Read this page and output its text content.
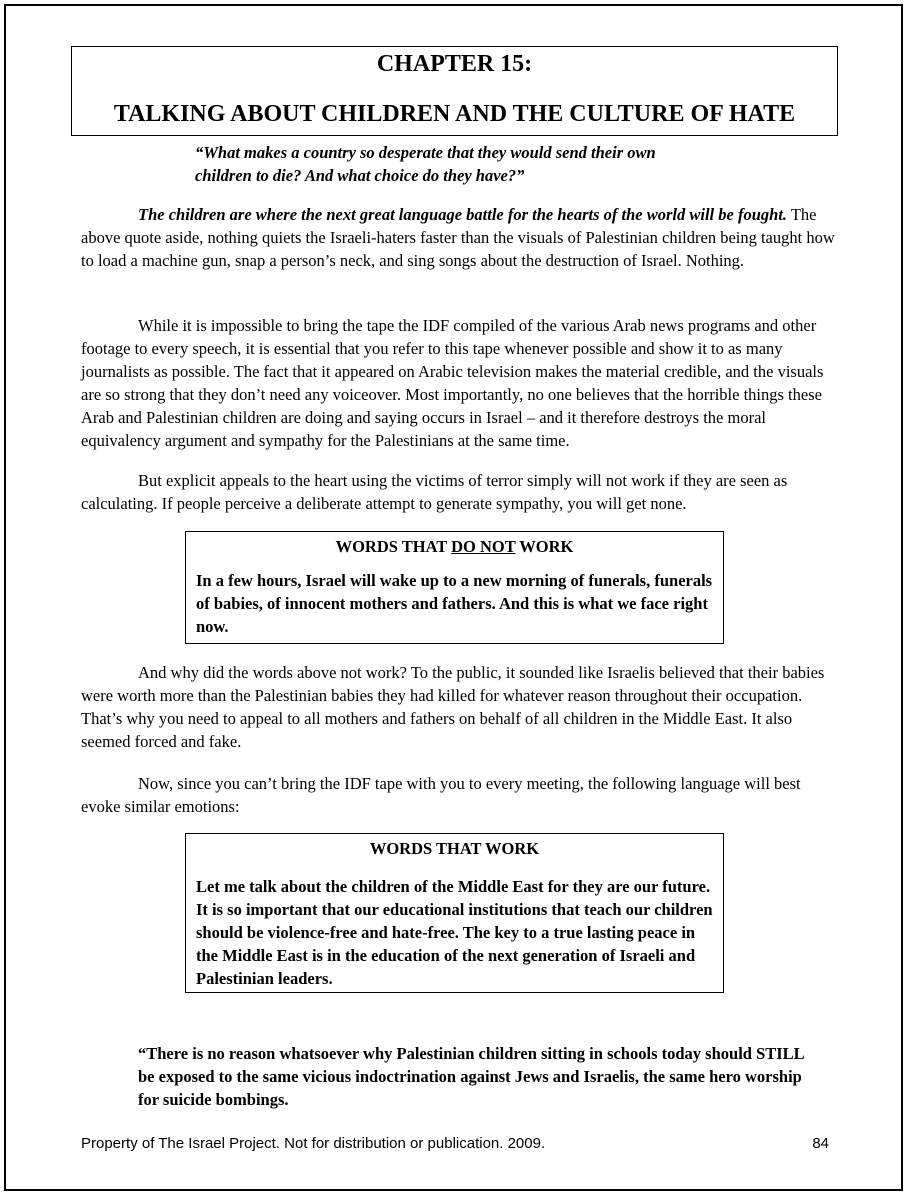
CHAPTER 15:
TALKING ABOUT CHILDREN AND THE CULTURE OF HATE
“What makes a country so desperate that they would send their own
children to die? And what choice do they have?”
The children are where the next great language battle for the hearts of the world will be fought. The above quote aside, nothing quiets the Israeli-haters faster than the visuals of Palestinian children being taught how to load a machine gun, snap a person’s neck, and sing songs about the destruction of Israel. Nothing.
While it is impossible to bring the tape the IDF compiled of the various Arab news programs and other footage to every speech, it is essential that you refer to this tape whenever possible and show it to as many journalists as possible. The fact that it appeared on Arabic television makes the material credible, and the visuals are so strong that they don’t need any voiceover. Most importantly, no one believes that the horrible things these Arab and Palestinian children are doing and saying occurs in Israel – and it therefore destroys the moral equivalency argument and sympathy for the Palestinians at the same time.
But explicit appeals to the heart using the victims of terror simply will not work if they are seen as calculating. If people perceive a deliberate attempt to generate sympathy, you will get none.
WORDS THAT DO NOT WORK
In a few hours, Israel will wake up to a new morning of funerals, funerals of babies, of innocent mothers and fathers. And this is what we face right now.
And why did the words above not work? To the public, it sounded like Israelis believed that their babies were worth more than the Palestinian babies they had killed for whatever reason throughout their occupation. That’s why you need to appeal to all mothers and fathers on behalf of all children in the Middle East. It also seemed forced and fake.
Now, since you can’t bring the IDF tape with you to every meeting, the following language will best evoke similar emotions:
WORDS THAT WORK
Let me talk about the children of the Middle East for they are our future. It is so important that our educational institutions that teach our children should be violence-free and hate-free. The key to a true lasting peace in the Middle East is in the education of the next generation of Israeli and Palestinian leaders.
“There is no reason whatsoever why Palestinian children sitting in schools today should STILL be exposed to the same vicious indoctrination against Jews and Israelis, the same hero worship for suicide bombings.
Property of The Israel Project. Not for distribution or publication. 2009.	84
